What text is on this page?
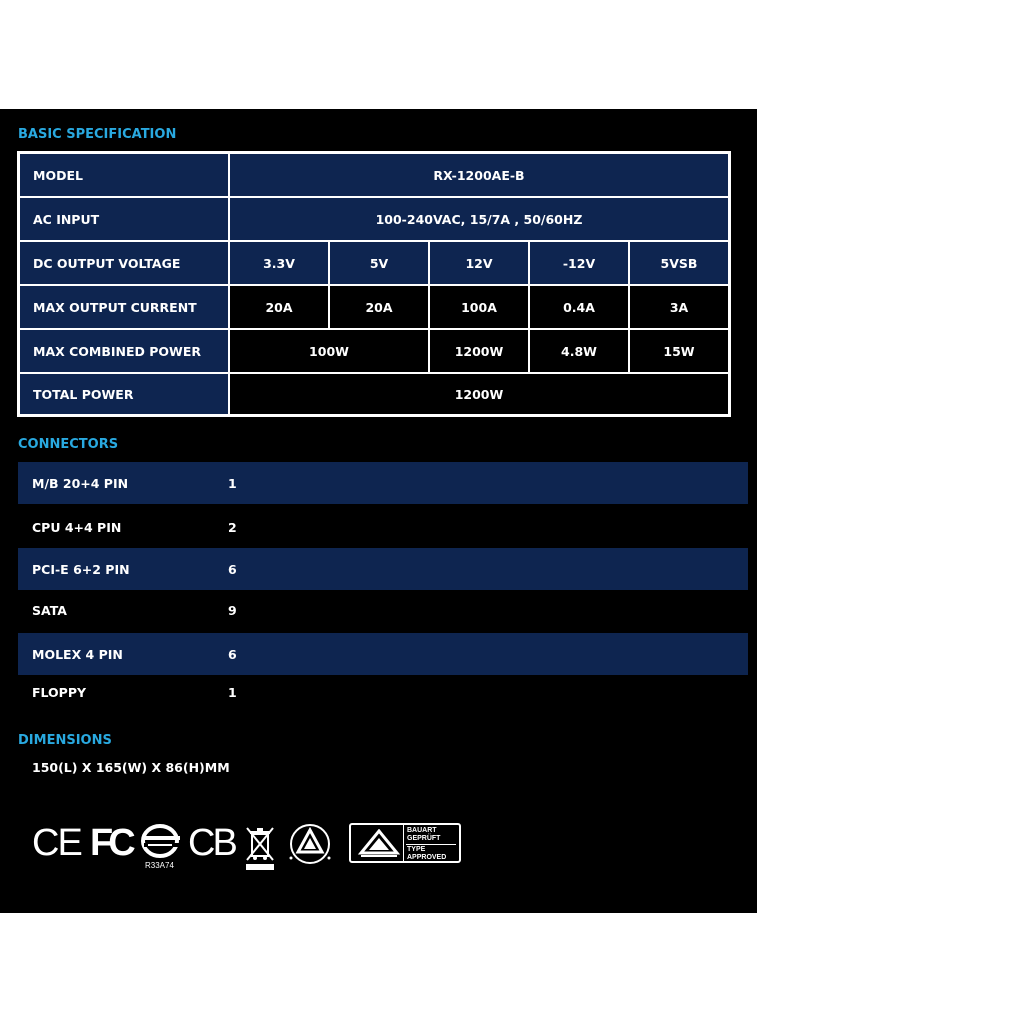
BASIC SPECIFICATION
MODEL	RX-1200AE-B
AC INPUT	100-240VAC, 15/7A , 50/60HZ
DC OUTPUT VOLTAGE	3.3V	5V	12V	-12V	5VSB
MAX OUTPUT CURRENT	20A	20A	100A	0.4A	3A
MAX COMBINED POWER	100W	1200W	4.8W	15W
TOTAL POWER	1200W
CONNECTORS
M/B 20+4 PIN	1
CPU 4+4 PIN	2
PCI-E 6+2 PIN	6
SATA	9
MOLEX 4 PIN	6
FLOPPY	1
DIMENSIONS
150(L) X 165(W) X 86(H)MM
CE FC
R33A74
CB	BAUART
GEPRÜFT
TYPE
APPROVED
